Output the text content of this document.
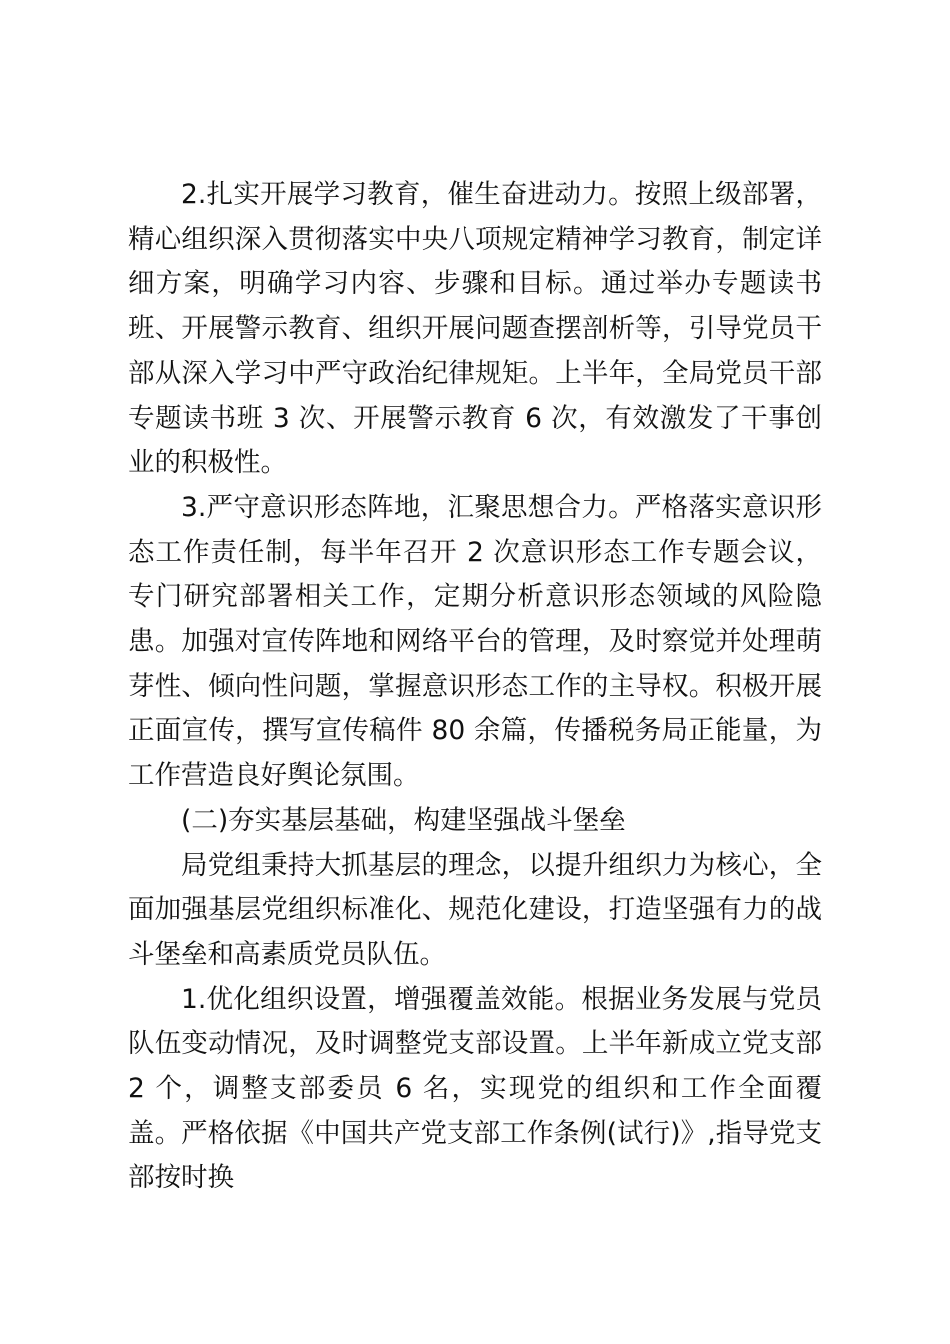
2.扎实开展学习教育，催生奋进动力。按照上级部署，精心组织深入贯彻落实中央八项规定精神学习教育，制定详细方案，明确学习内容、步骤和目标。通过举办专题读书班、开展警示教育、组织开展问题查摆剖析等，引导党员干部从深入学习中严守政治纪律规矩。上半年，全局党员干部专题读书班 3 次、开展警示教育 6 次，有效激发了干事创业的积极性。

3.严守意识形态阵地，汇聚思想合力。严格落实意识形态工作责任制，每半年召开 2 次意识形态工作专题会议，专门研究部署相关工作，定期分析意识形态领域的风险隐患。加强对宣传阵地和网络平台的管理，及时察觉并处理萌芽性、倾向性问题，掌握意识形态工作的主导权。积极开展正面宣传，撰写宣传稿件 80 余篇，传播税务局正能量，为工作营造良好舆论氛围。

(二)夯实基层基础，构建坚强战斗堡垒

局党组秉持大抓基层的理念，以提升组织力为核心，全面加强基层党组织标准化、规范化建设，打造坚强有力的战斗堡垒和高素质党员队伍。

1.优化组织设置，增强覆盖效能。根据业务发展与党员队伍变动情况，及时调整党支部设置。上半年新成立党支部 2 个，调整支部委员 6 名，实现党的组织和工作全面覆盖。严格依据《中国共产党支部工作条例(试行)》,指导党支部按时换
